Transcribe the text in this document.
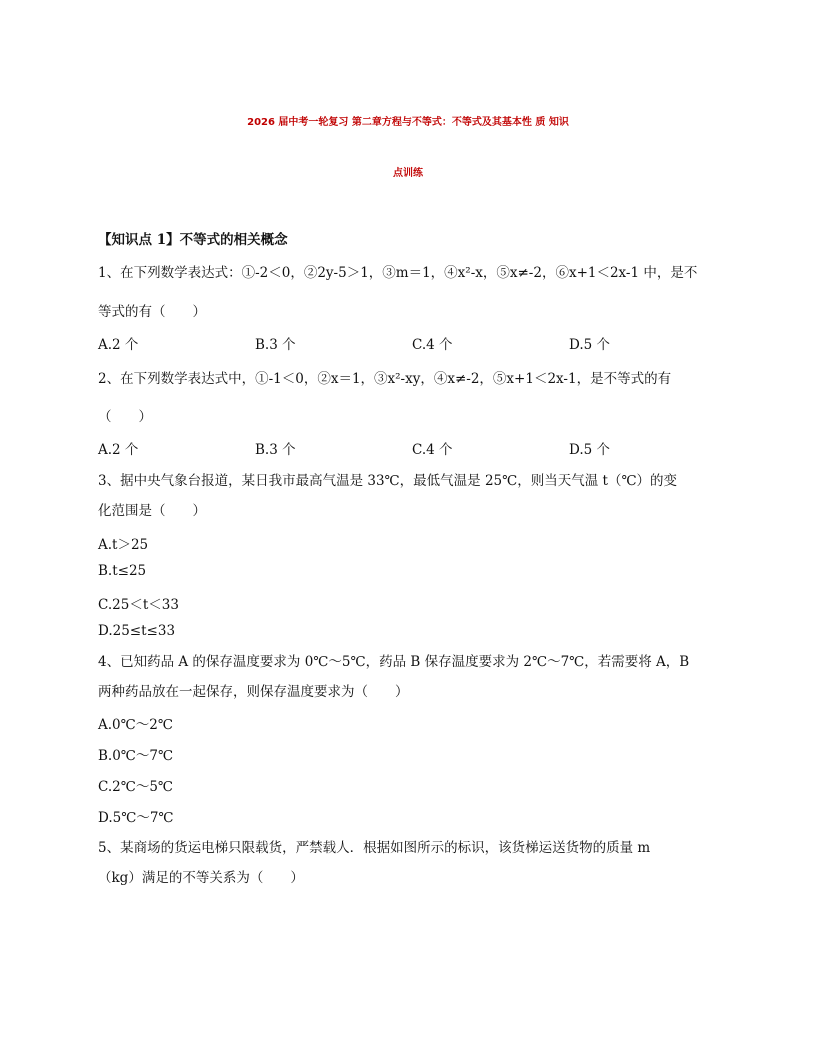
2026 届中考一轮复习 第二章方程与不等式：不等式及其基本性 质 知识
点训练
【知识点 1】不等式的相关概念
1、在下列数学表达式：①-2＜0，②2y-5＞1，③m＝1，④x²-x，⑤x≠-2，⑥x+1＜2x-1 中，是不
等式的有（　　）
A.2 个	B.3 个	C.4 个	D.5 个
2、在下列数学表达式中，①-1＜0，②x＝1，③x²-xy，④x≠-2，⑤x+1＜2x-1，是不等式的有
（　　）
A.2 个	B.3 个	C.4 个	D.5 个
3、据中央气象台报道，某日我市最高气温是 33℃，最低气温是 25℃，则当天气温 t（℃）的变
化范围是（　　）
A.t＞25
B.t≤25
C.25＜t＜33
D.25≤t≤33
4、已知药品 A 的保存温度要求为 0℃～5℃，药品 B 保存温度要求为 2℃～7℃，若需要将 A，B
两种药品放在一起保存，则保存温度要求为（　　）
A.0℃～2℃
B.0℃～7℃
C.2℃～5℃
D.5℃～7℃
5、某商场的货运电梯只限载货，严禁载人．根据如图所示的标识，该货梯运送货物的质量 m
（kg）满足的不等关系为（　　）
